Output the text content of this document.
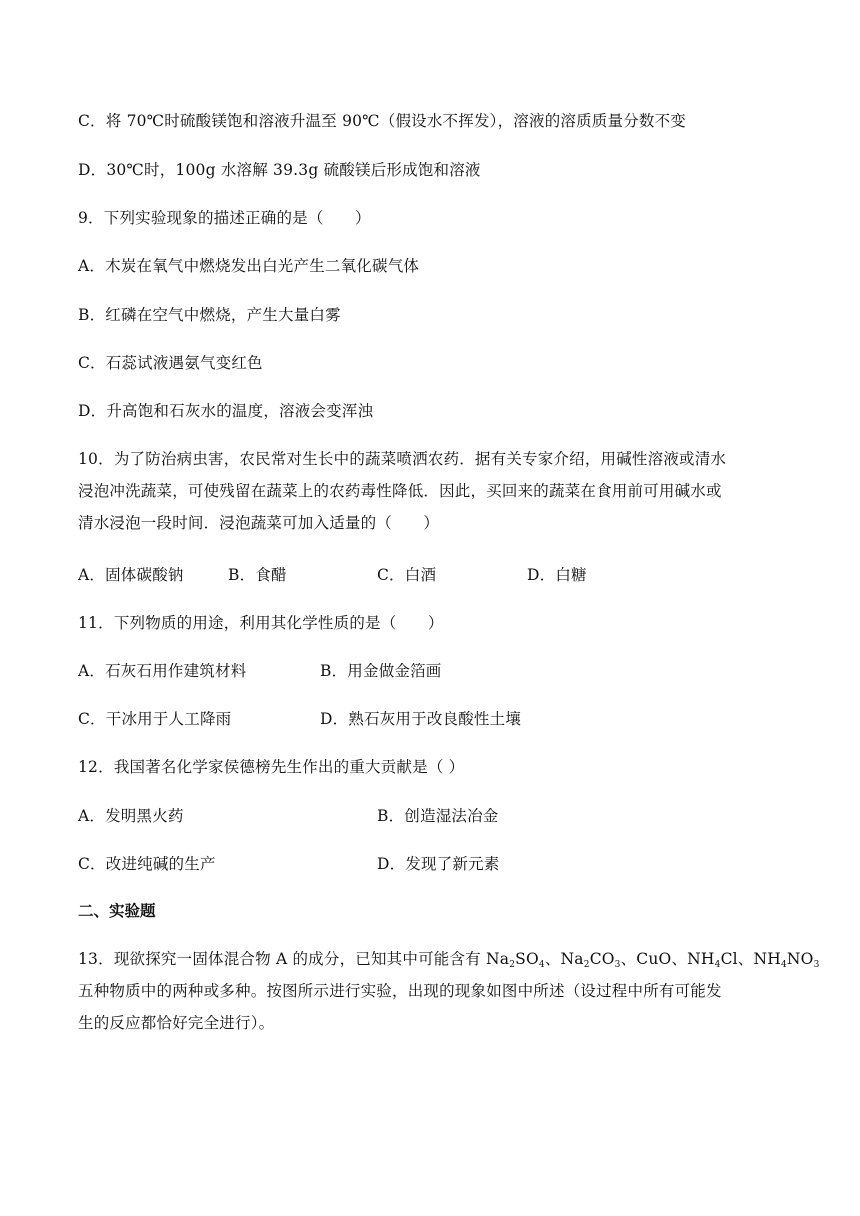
C．将 70℃时硫酸镁饱和溶液升温至 90℃（假设水不挥发），溶液的溶质质量分数不变
D．30℃时，100g 水溶解 39.3g 硫酸镁后形成饱和溶液
9．下列实验现象的描述正确的是（　　）
A．木炭在氧气中燃烧发出白光产生二氧化碳气体
B．红磷在空气中燃烧，产生大量白雾
C．石蕊试液遇氨气变红色
D．升高饱和石灰水的温度，溶液会变浑浊
10．为了防治病虫害，农民常对生长中的蔬菜喷洒农药．据有关专家介绍，用碱性溶液或清水
浸泡冲洗蔬菜，可使残留在蔬菜上的农药毒性降低．因此，买回来的蔬菜在食用前可用碱水或
清水浸泡一段时间．浸泡蔬菜可加入适量的（　　）
A．固体碳酸钠	B．食醋	C．白酒	D．白糖
11．下列物质的用途，利用其化学性质的是（　　）
A．石灰石用作建筑材料	B．用金做金箔画
C．干冰用于人工降雨	D．熟石灰用于改良酸性土壤
12．我国著名化学家侯德榜先生作出的重大贡献是（ ）
A．发明黑火药	B．创造湿法冶金
C．改进纯碱的生产	D．发现了新元素
二、实验题
13．现欲探究一固体混合物 A 的成分，已知其中可能含有 $Na_2SO_4$、$Na_2CO_3$、CuO、$NH_4Cl$、$NH_4NO_3$
五种物质中的两种或多种。按图所示进行实验，出现的现象如图中所述（设过程中所有可能发
生的反应都恰好完全进行）。
